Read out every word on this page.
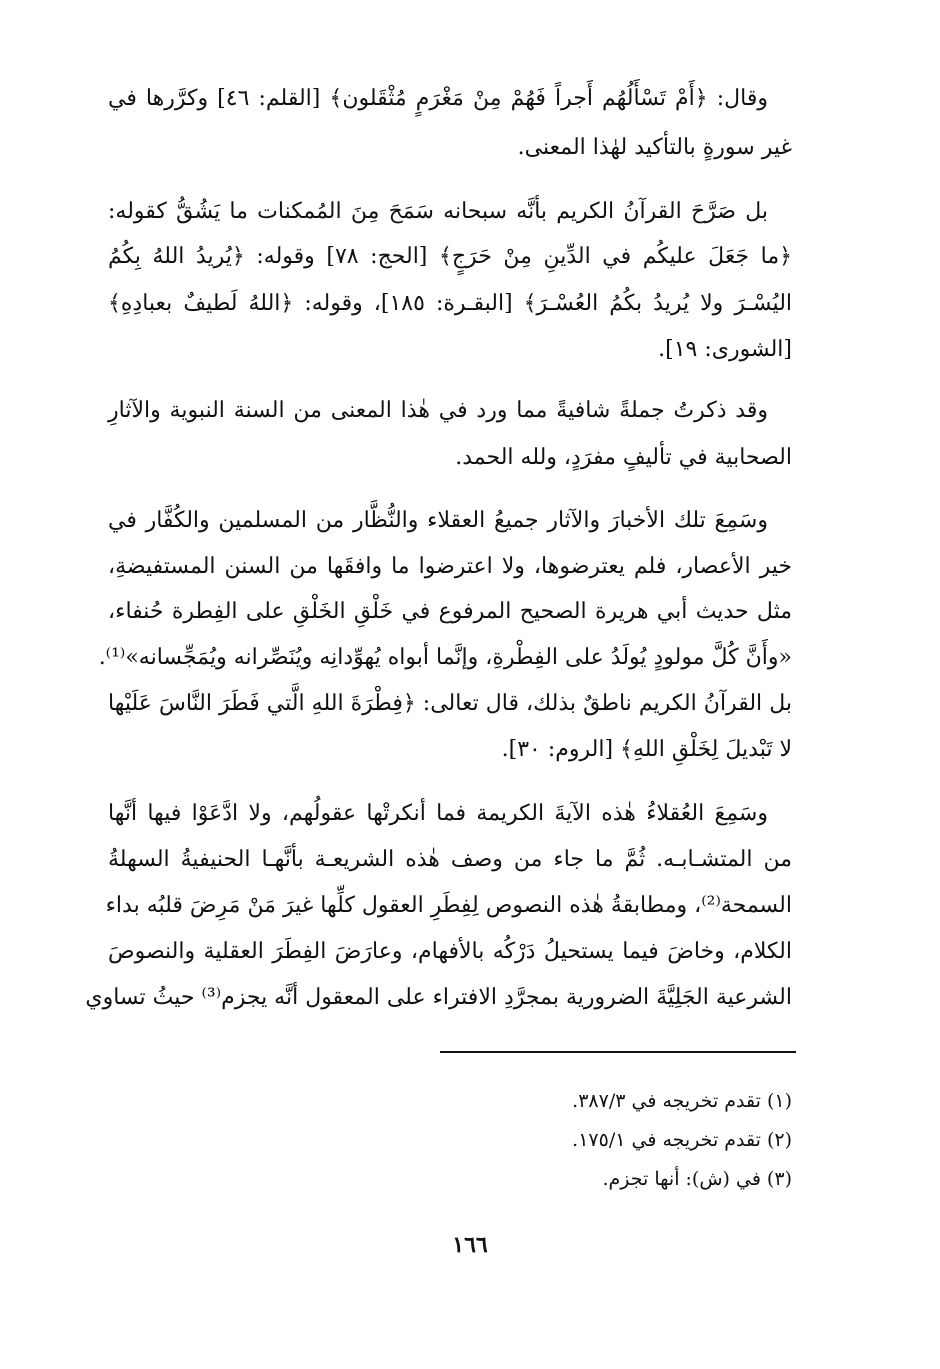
وقال: ﴿أَمْ تَسْأَلُهُم أَجراً فَهُمْ مِنْ مَغْرَمٍ مُثْقَلون﴾ [القلم: ٤٦] وكرَّرها في
غير سورةٍ بالتأكيد لهٰذا المعنى.
بل صَرَّحَ القرآنُ الكريم بأنَّه سبحانه سَمَحَ مِنَ المُمكنات ما يَشُقُّ كقوله:
﴿ما جَعَلَ عليكُم في الدِّينِ مِنْ حَرَجٍ﴾ [الحج: ٧٨] وقوله: ﴿يُريدُ اللهُ بِكُمُ
اليُسْـرَ ولا يُريدُ بكُمُ العُسْـرَ﴾ [البقـرة: ١٨٥]، وقوله: ﴿اللهُ لَطيفٌ بعبادِهِ﴾
[الشورى: ١٩].
وقد ذكرتُ جملةً شافيةً مما ورد في هٰذا المعنى من السنة النبوية والآثارِ
الصحابية في تأليفٍ مفرَدٍ، ولله الحمد.
وسَمِعَ تلك الأخبارَ والآثار جميعُ العقلاء والنُّظَّار من المسلمين والكُفَّار في
خير الأعصار، فلم يعترضوها، ولا اعترضوا ما وافقَها من السنن المستفيضةِ،
مثل حديث أبي هريرة الصحيح المرفوع في خَلْقِ الخَلْقِ على الفِطرة حُنفاء،
«وأَنَّ كُلَّ مولودٍ يُولَدُ على الفِطْرةِ، وإنَّما أبواه يُهوِّدانِه ويُنَصِّرانه ويُمَجِّسانه»⁽¹⁾.
بل القرآنُ الكريم ناطقٌ بذلك، قال تعالى: ﴿فِطْرَةَ اللهِ الَّتي فَطَرَ النَّاسَ عَلَيْها
لا تَبْديلَ لِخَلْقِ اللهِ﴾ [الروم: ٣٠].
وسَمِعَ العُقلاءُ هٰذه الآيةَ الكريمة فما أنكرتْها عقولُهم، ولا ادَّعَوْا فيها أنَّها
من المتشـابـه. ثُمَّ ما جاء من وصف هٰذه الشريعـة بأنَّهـا الحنيفيةُ السهلةُ
السمحة⁽²⁾، ومطابقةُ هٰذه النصوص لِفِطَرِ العقول كلِّها غيرَ مَنْ مَرِضَ قلبُه بداء
الكلام، وخاضَ فيما يستحيلُ دَرْكُه بالأفهام، وعارَضَ الفِطَرَ العقلية والنصوصَ
الشرعية الجَلِيَّةَ الضرورية بمجرَّدِ الافتراء على المعقول أنَّه يجزم⁽³⁾ حيثُ تساوي
(١) تقدم تخريجه في ٣٨٧/٣.
(٢) تقدم تخريجه في ١٧٥/١.
(٣) في (ش): أنها تجزم.
١٦٦
